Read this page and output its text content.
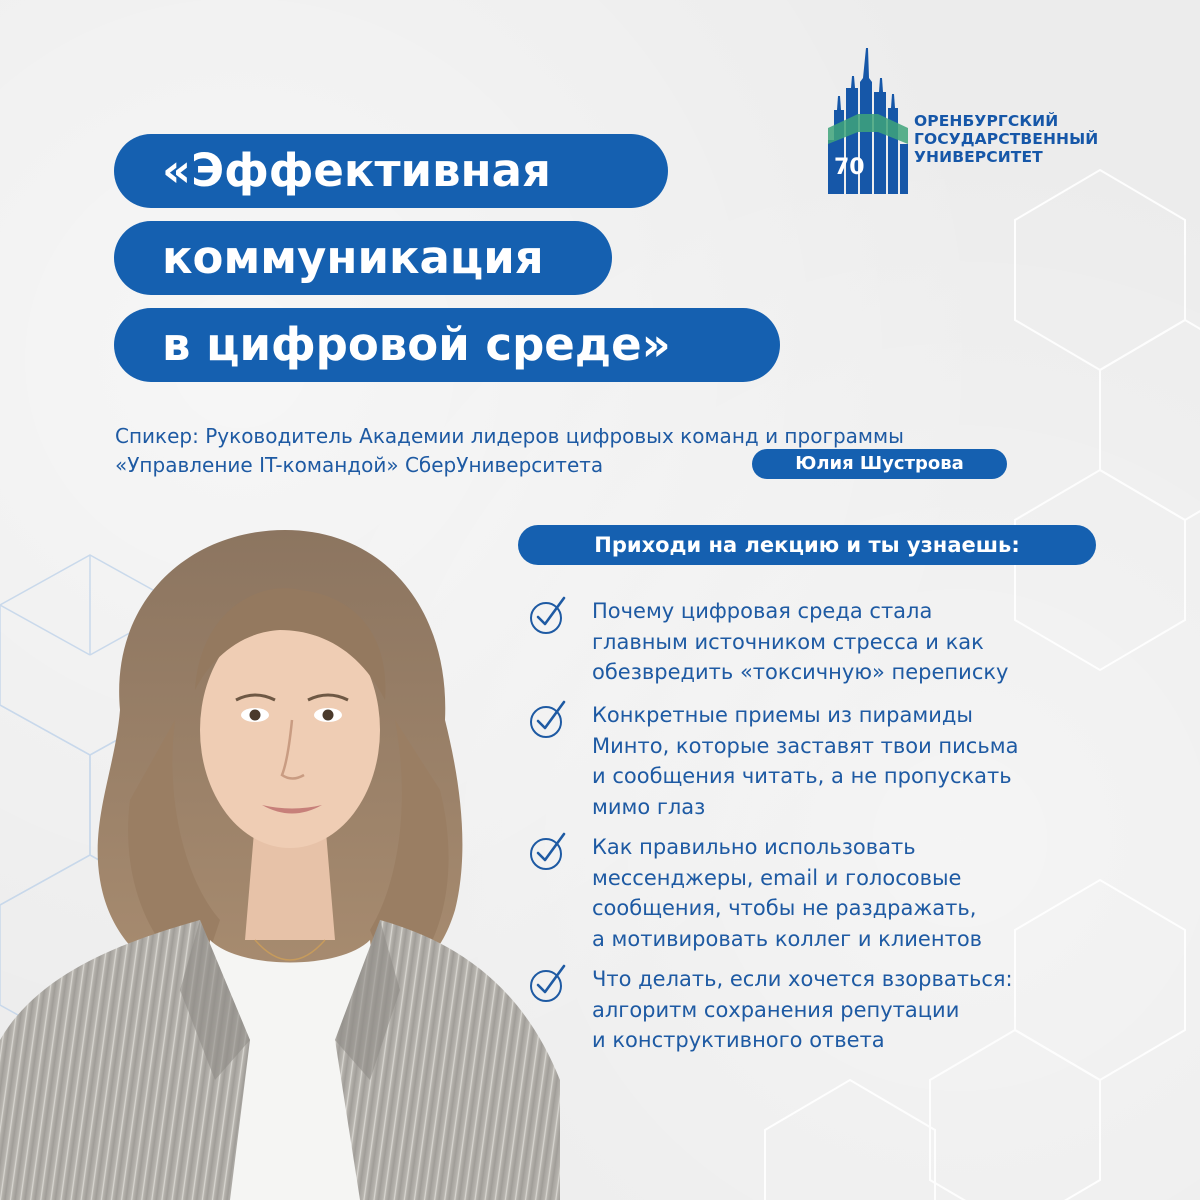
70
ОРЕНБУРГСКИЙ
ГОСУДАРСТВЕННЫЙ
УНИВЕРСИТЕТ
«Эффективная
коммуникация
в цифровой среде»
Спикер: Руководитель Академии лидеров цифровых команд и программы
«Управление IT-командой» СберУниверситета	Юлия Шустрова
Приходи на лекцию и ты узнаешь:
Почему цифровая среда стала
главным источником стресса и как
обезвредить «токсичную» переписку
Конкретные приемы из пирамиды
Минто, которые заставят твои письма
и сообщения читать, а не пропускать
мимо глаз
Как правильно использовать
мессенджеры, email и голосовые
сообщения, чтобы не раздражать,
а мотивировать коллег и клиентов
Что делать, если хочется взорваться:
алгоритм сохранения репутации
и конструктивного ответа
